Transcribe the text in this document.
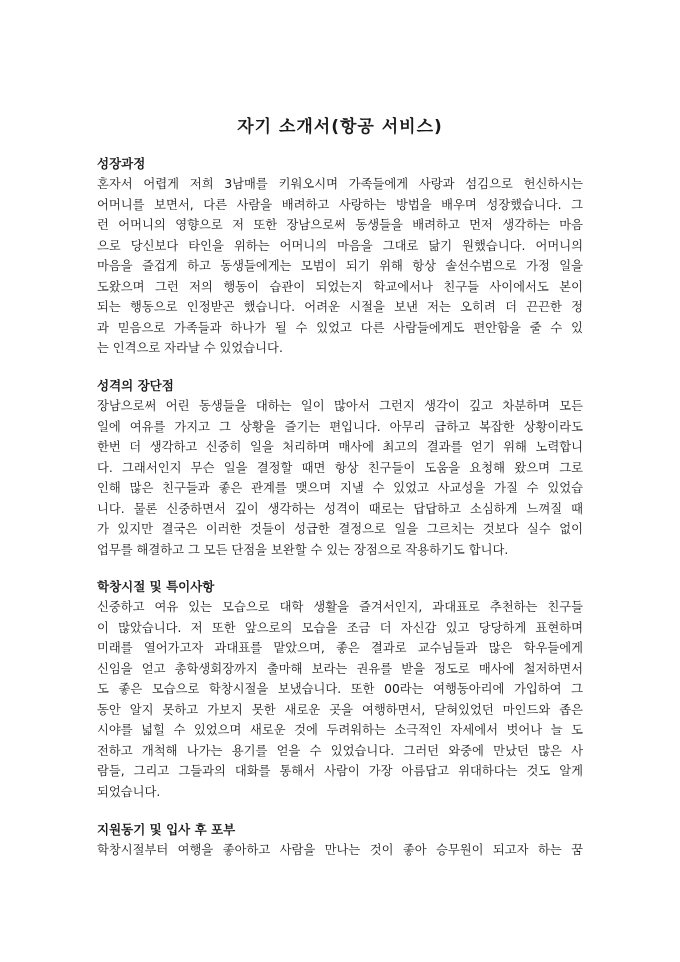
자기 소개서(항공 서비스)
성장과정
혼자서 어렵게 저희 3남매를 키워오시며 가족들에게 사랑과 섬김으로 헌신하시는
어머니를 보면서, 다른 사람을 배려하고 사랑하는 방법을 배우며 성장했습니다. 그
런 어머니의 영향으로 저 또한 장남으로써 동생들을 배려하고 먼저 생각하는 마음
으로 당신보다 타인을 위하는 어머니의 마음을 그대로 닮기 원했습니다. 어머니의
마음을 즐겁게 하고 동생들에게는 모범이 되기 위해 항상 솔선수범으로 가정 일을
도왔으며 그런 저의 행동이 습관이 되었는지 학교에서나 친구들 사이에서도 본이
되는 행동으로 인정받곤 했습니다. 어려운 시절을 보낸 저는 오히려 더 끈끈한 정
과 믿음으로 가족들과 하나가 될 수 있었고 다른 사람들에게도 편안함을 줄 수 있
는 인격으로 자라날 수 있었습니다.
성격의 장단점
장남으로써 어린 동생들을 대하는 일이 많아서 그런지 생각이 깊고 차분하며 모든
일에 여유를 가지고 그 상황을 즐기는 편입니다. 아무리 급하고 복잡한 상황이라도
한번 더 생각하고 신중히 일을 처리하며 매사에 최고의 결과를 얻기 위해 노력합니
다. 그래서인지 무슨 일을 결정할 때면 항상 친구들이 도움을 요청해 왔으며 그로
인해 많은 친구들과 좋은 관계를 맺으며 지낼 수 있었고 사교성을 가질 수 있었습
니다. 물론 신중하면서 깊이 생각하는 성격이 때로는 답답하고 소심하게 느껴질 때
가 있지만 결국은 이러한 것들이 성급한 결정으로 일을 그르치는 것보다 실수 없이
업무를 해결하고 그 모든 단점을 보완할 수 있는 장점으로 작용하기도 합니다.
학창시절 및 특이사항
신중하고 여유 있는 모습으로 대학 생활을 즐겨서인지, 과대표로 추천하는 친구들
이 많았습니다. 저 또한 앞으로의 모습을 조금 더 자신감 있고 당당하게 표현하며
미래를 열어가고자 과대표를 맡았으며, 좋은 결과로 교수님들과 많은 학우들에게
신임을 얻고 총학생회장까지 출마해 보라는 권유를 받을 정도로 매사에 철저하면서
도 좋은 모습으로 학창시절을 보냈습니다. 또한 00라는 여행동아리에 가입하여 그
동안 알지 못하고 가보지 못한 새로운 곳을 여행하면서, 닫혀있었던 마인드와 좁은
시야를 넓힐 수 있었으며 새로운 것에 두려워하는 소극적인 자세에서 벗어나 늘 도
전하고 개척해 나가는 용기를 얻을 수 있었습니다. 그러던 와중에 만났던 많은 사
람들, 그리고 그들과의 대화를 통해서 사람이 가장 아름답고 위대하다는 것도 알게
되었습니다.
지원동기 및 입사 후 포부
학창시절부터 여행을 좋아하고 사람을 만나는 것이 좋아 승무원이 되고자 하는 꿈
